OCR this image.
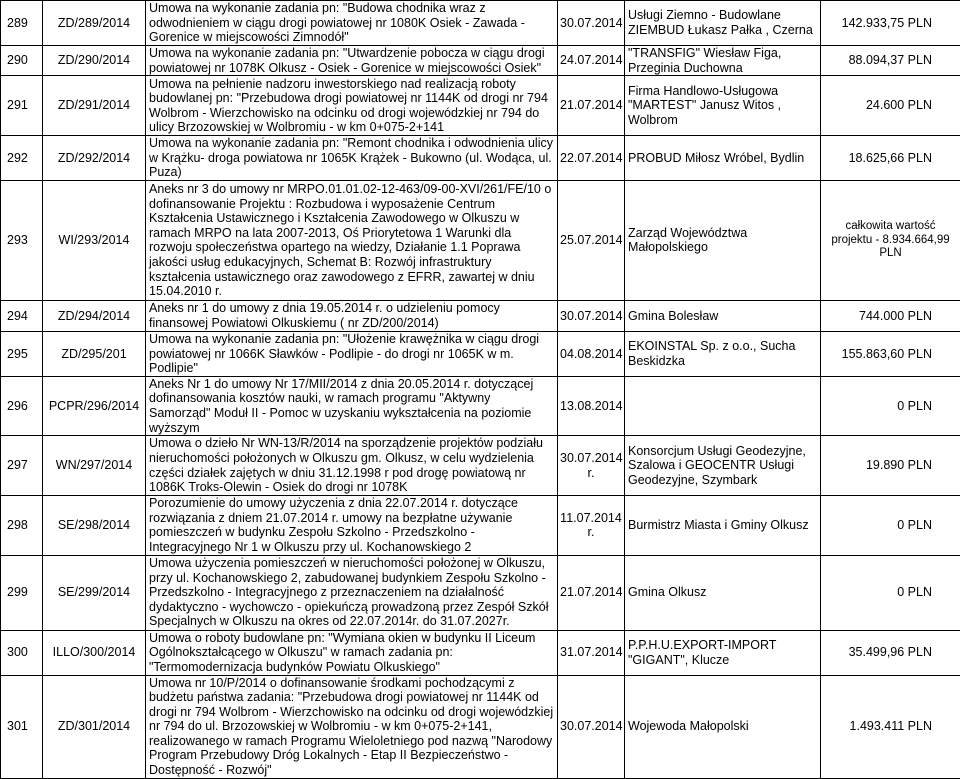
289	ZD/289/2014	Umowa na wykonanie zadania pn: "Budowa chodnika wraz z odwodnieniem w ciągu drogi powiatowej nr 1080K Osiek - Zawada - Gorenice w miejscowości Zimnodół"	30.07.2014	Usługi Ziemno - Budowlane ZIEMBUD Łukasz Pałka , Czerna	142.933,75 PLN
290	ZD/290/2014	Umowa na wykonanie zadania pn: "Utwardzenie pobocza w ciągu drogi powiatowej nr 1078K Olkusz - Osiek - Gorenice w miejscowości Osiek"	24.07.2014	"TRANSFIG" Wiesław Figa, Przeginia Duchowna	88.094,37 PLN
291	ZD/291/2014	Umowa na pełnienie nadzoru inwestorskiego nad realizacją roboty budowlanej pn: "Przebudowa drogi powiatowej nr 1144K od drogi nr 794 Wolbrom - Wierzchowisko na odcinku od drogi wojewódzkiej nr 794 do ulicy Brzozowskiej w Wolbromiu - w km 0+075-2+141	21.07.2014	Firma Handlowo-Usługowa "MARTEST" Janusz Witos , Wolbrom	24.600 PLN
292	ZD/292/2014	Umowa na wykonanie zadania pn: "Remont chodnika i odwodnienia ulicy w Krążku- droga powiatowa nr 1065K Krążek - Bukowno (ul. Wodąca, ul. Puza)	22.07.2014	PROBUD Miłosz Wróbel, Bydlin	18.625,66 PLN
293	WI/293/2014	Aneks nr 3 do umowy nr MRPO.01.01.02-12-463/09-00-XVI/261/FE/10 o dofinansowanie Projektu : Rozbudowa i wyposażenie Centrum Kształcenia Ustawicznego i Kształcenia Zawodowego w Olkuszu w ramach MRPO na lata 2007-2013, Oś Priorytetowa 1 Warunki dla rozwoju społeczeństwa opartego na wiedzy, Działanie 1.1 Poprawa jakości usług edukacyjnych, Schemat B: Rozwój infrastruktury kształcenia ustawicznego oraz zawodowego z EFRR, zawartej w dniu 15.04.2010 r.	25.07.2014	Zarząd Województwa Małopolskiego	całkowita wartość projektu - 8.934.664,99 PLN
294	ZD/294/2014	Aneks nr 1 do umowy z dnia 19.05.2014 r. o udzieleniu pomocy finansowej Powiatowi Olkuskiemu ( nr ZD/200/2014)	30.07.2014	Gmina Bolesław	744.000 PLN
295	ZD/295/201	Umowa na wykonanie zadania pn: "Ułożenie krawężnika w ciągu drogi powiatowej nr 1066K Sławków - Podlipie - do drogi nr 1065K w m. Podlipie"	04.08.2014	EKOINSTAL Sp. z o.o., Sucha Beskidzka	155.863,60 PLN
296	PCPR/296/2014	Aneks Nr 1 do umowy Nr 17/MII/2014 z dnia 20.05.2014 r. dotyczącej dofinansowania kosztów nauki, w ramach programu "Aktywny Samorząd" Moduł II - Pomoc w uzyskaniu wykształcenia na poziomie wyższym	13.08.2014		0 PLN
297	WN/297/2014	Umowa o dzieło Nr WN-13/R/2014 na sporządzenie projektów podziału nieruchomości położonych w Olkuszu gm. Olkusz, w celu wydzielenia części działek zajętych w dniu 31.12.1998 r pod drogę powiatową nr 1086K Troks-Olewin - Osiek do drogi nr 1078K	30.07.2014 r.	Konsorcjum Usługi Geodezyjne, Szalowa i GEOCENTR Usługi Geodezyjne, Szymbark	19.890 PLN
298	SE/298/2014	Porozumienie do umowy użyczenia z dnia 22.07.2014 r. dotyczące rozwiązania z dniem 21.07.2014 r. umowy na bezpłatne używanie pomieszczeń w budynku Zespołu Szkolno - Przedszkolno - Integracyjnego Nr 1 w Olkuszu przy ul. Kochanowskiego 2	11.07.2014 r.	Burmistrz Miasta i Gminy Olkusz	0 PLN
299	SE/299/2014	Umowa użyczenia pomieszczeń w nieruchomości położonej w Olkuszu, przy ul. Kochanowskiego 2, zabudowanej budynkiem Zespołu Szkolno - Przedszkolno - Integracyjnego z przeznaczeniem na działalność dydaktyczno - wychowczo - opiekuńczą prowadzoną przez Zespół Szkół Specjalnych w Olkuszu na okres od 22.07.2014r. do 31.07.2027r.	21.07.2014	Gmina Olkusz	0 PLN
300	ILLO/300/2014	Umowa o roboty budowlane pn: "Wymiana okien w budynku II Liceum Ogólnokształcącego w Olkuszu" w ramach zadania pn: "Termomodernizacja budynków Powiatu Olkuskiego"	31.07.2014	P.P.H.U.EXPORT-IMPORT "GIGANT", Klucze	35.499,96 PLN
301	ZD/301/2014	Umowa nr 10/P/2014 o dofinansowanie środkami pochodzącymi z budżetu państwa zadania: "Przebudowa drogi powiatowej nr 1144K od drogi nr 794 Wolbrom - Wierzchowisko na odcinku od drogi wojewódzkiej nr 794 do ul. Brzozowskiej w Wolbromiu - w km 0+075-2+141, realizowanego w ramach Programu Wieloletniego pod nazwą "Narodowy Program Przebudowy Dróg Lokalnych - Etap II Bezpieczeństwo - Dostępność - Rozwój"	30.07.2014	Wojewoda Małopolski	1.493.411 PLN
